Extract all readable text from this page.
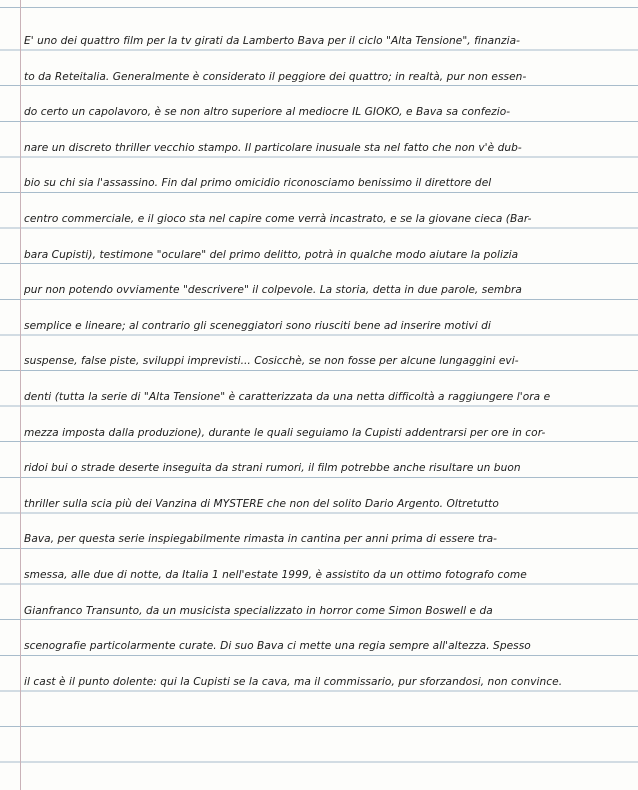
E' uno dei quattro film per la tv girati da Lamberto Bava per il ciclo "Alta Tensione", finanzia-
to da Reteitalia. Generalmente è considerato il peggiore dei quattro; in realtà, pur non essen-
do certo un capolavoro, è se non altro superiore al mediocre IL GIOKO, e Bava sa confezio-
nare un discreto thriller vecchio stampo. Il particolare inusuale sta nel fatto che non v'è dub-
bio su chi sia l'assassino. Fin dal primo omicidio riconosciamo benissimo il direttore del
centro commerciale, e il gioco sta nel capire come verrà incastrato, e se la giovane cieca (Bar-
bara Cupisti), testimone "oculare" del primo delitto, potrà in qualche modo aiutare la polizia
pur non potendo ovviamente "descrivere" il colpevole. La storia, detta in due parole, sembra
semplice e lineare; al contrario gli sceneggiatori sono riusciti bene ad inserire motivi di
suspense, false piste, sviluppi imprevisti... Cosicchè, se non fosse per alcune lungaggini evi-
denti (tutta la serie di "Alta Tensione" è caratterizzata da una netta difficoltà a raggiungere l'ora e
mezza imposta dalla produzione), durante le quali seguiamo la Cupisti addentrarsi per ore in cor-
ridoi bui o strade deserte inseguita da strani rumori, il film potrebbe anche risultare un buon
thriller sulla scia più dei Vanzina di MYSTERE che non del solito Dario Argento. Oltretutto
Bava, per questa serie inspiegabilmente rimasta in cantina per anni prima di essere tra-
smessa, alle due di notte, da Italia 1 nell'estate 1999, è assistito da un ottimo fotografo come
Gianfranco Transunto, da un musicista specializzato in horror come Simon Boswell e da
scenografie particolarmente curate. Di suo Bava ci mette una regia sempre all'altezza. Spesso
il cast è il punto dolente: qui la Cupisti se la cava, ma il commissario, pur sforzandosi, non convince.
